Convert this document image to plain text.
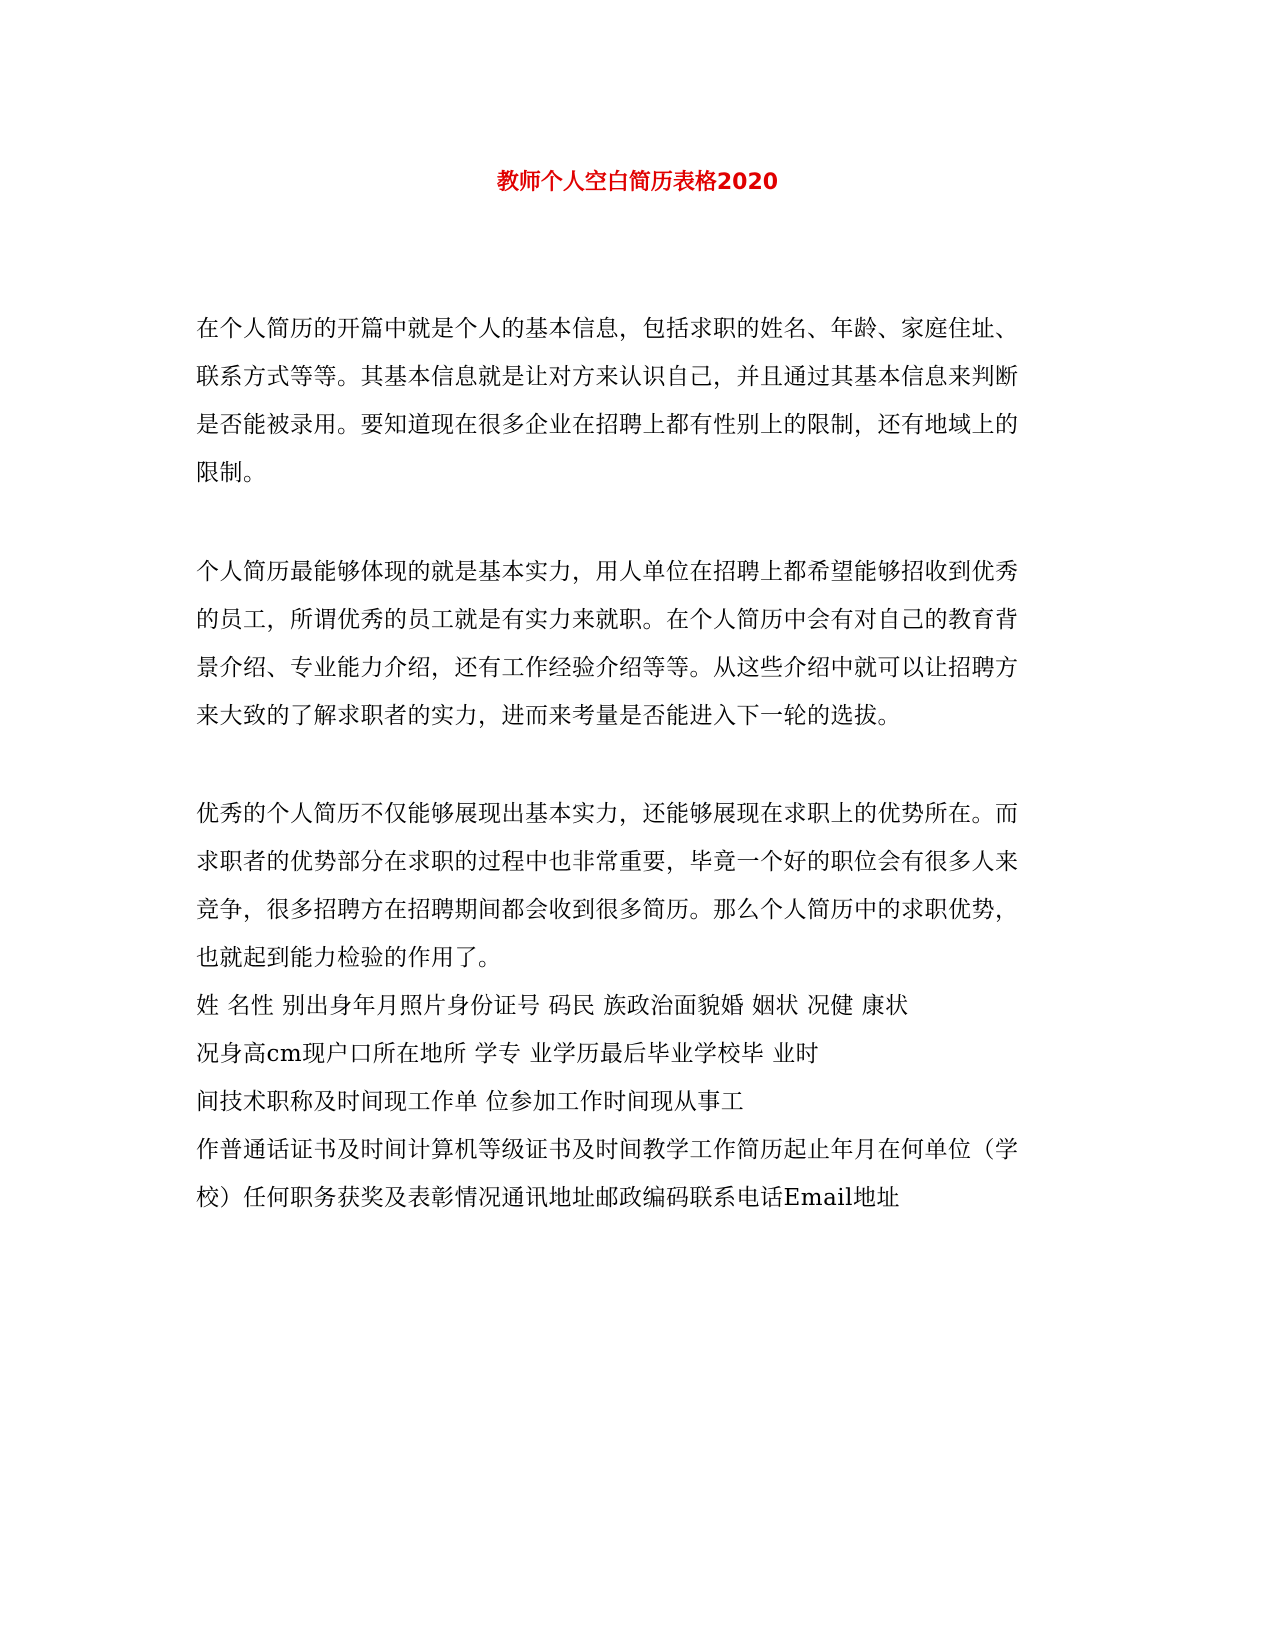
教师个人空白简历表格2020
在个人简历的开篇中就是个人的基本信息，包括求职的姓名、年龄、家庭住址、
联系方式等等。其基本信息就是让对方来认识自己，并且通过其基本信息来判断
是否能被录用。要知道现在很多企业在招聘上都有性别上的限制，还有地域上的
限制。
个人简历最能够体现的就是基本实力，用人单位在招聘上都希望能够招收到优秀
的员工，所谓优秀的员工就是有实力来就职。在个人简历中会有对自己的教育背
景介绍、专业能力介绍，还有工作经验介绍等等。从这些介绍中就可以让招聘方
来大致的了解求职者的实力，进而来考量是否能进入下一轮的选拔。
优秀的个人简历不仅能够展现出基本实力，还能够展现在求职上的优势所在。而
求职者的优势部分在求职的过程中也非常重要，毕竟一个好的职位会有很多人来
竞争，很多招聘方在招聘期间都会收到很多简历。那么个人简历中的求职优势，
也就起到能力检验的作用了。
姓 名性 别出身年月照片身份证号 码民 族政治面貌婚 姻状 况健 康状
况身高cm现户口所在地所 学专 业学历最后毕业学校毕 业时
间技术职称及时间现工作单 位参加工作时间现从事工
作普通话证书及时间计算机等级证书及时间教学工作简历起止年月在何单位（学
校）任何职务获奖及表彰情况通讯地址邮政编码联系电话Email地址
